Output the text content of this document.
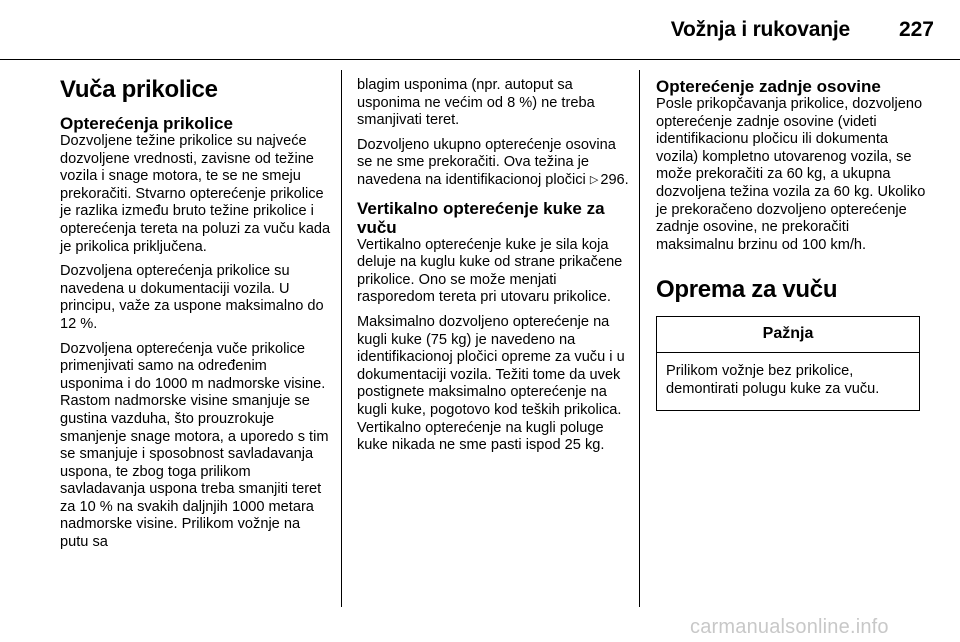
Vožnja i rukovanje 227
Vuča prikolice
Opterećenja prikolice

Dozvoljene težine prikolice su najveće dozvoljene vrednosti, zavisne od težine vozila i snage motora, te se ne smeju prekoračiti. Stvarno opterećenje prikolice je razlika između bruto težine prikolice i opterećenja tereta na poluzi za vuču kada je prikolica priključena.

Dozvoljena opterećenja prikolice su navedena u dokumentaciji vozila. U principu, važe za uspone maksimalno do 12 %.

Dozvoljena opterećenja vuče prikolice primenjivati samo na određenim usponima i do 1000 m nadmorske visine. Rastom nadmorske visine smanjuje se gustina vazduha, što prouzrokuje smanjenje snage motora, a uporedo s tim se smanjuje i sposobnost savladavanja uspona, te zbog toga prilikom savladavanja uspona treba smanjiti teret za 10 % na svakih daljnjih 1000 metara nadmorske visine. Prilikom vožnje na putu sa

blagim usponima (npr. autoput sa usponima ne većim od 8 %) ne treba smanjivati teret.

Dozvoljeno ukupno opterećenje osovina se ne sme prekoračiti. Ova težina je navedena na identifikacionoj pločici ▷ 296.

Vertikalno opterećenje kuke za vuču

Vertikalno opterećenje kuke je sila koja deluje na kuglu kuke od strane prikačene prikolice. Ono se može menjati rasporedom tereta pri utovaru prikolice.

Maksimalno dozvoljeno opterećenje na kugli kuke (75 kg) je navedeno na identifikacionoj pločici opreme za vuču i u dokumentaciji vozila. Težiti tome da uvek postignete maksimalno opterećenje na kugli kuke, pogotovo kod teških prikolica. Vertikalno opterećenje na kugli poluge kuke nikada ne sme pasti ispod 25 kg.

Opterećenje zadnje osovine

Posle prikopčavanja prikolice, dozvoljeno opterećenje zadnje osovine (videti identifikacionu pločicu ili dokumenta vozila) kompletno utovarenog vozila, se može prekoračiti za 60 kg, a ukupna dozvoljena težina vozila za 60 kg. Ukoliko je prekoračeno dozvoljeno opterećenje zadnje osovine, ne prekoračiti maksimalnu brzinu od 100 km/h.

Oprema za vuču
Pažnja
Prilikom vožnje bez prikolice, demontirati polugu kuke za vuču.
carmanualsonline.info
